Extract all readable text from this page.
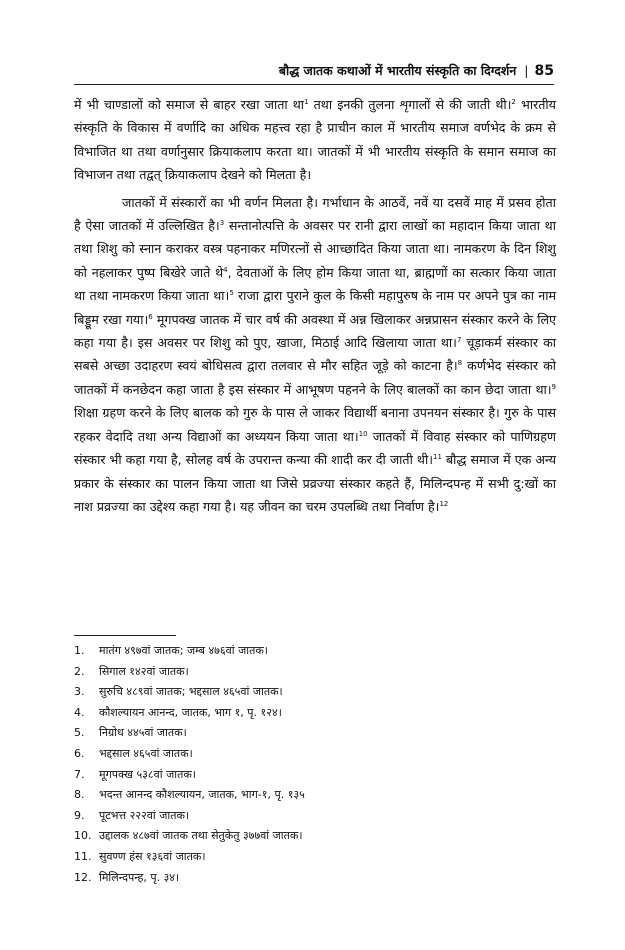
बौद्ध जातक कथाओं में भारतीय संस्कृति का दिग्दर्शन | 85

में भी चाण्डालों को समाज से बाहर रखा जाता था$^1$ तथा इनकी तुलना शृगालों से की जाती थी।$^2$ भारतीय संस्कृति के विकास में वर्णादि का अधिक महत्त्व रहा है प्राचीन काल में भारतीय समाज वर्णभेद के क्रम से विभाजित था तथा वर्णानुसार क्रियाकलाप करता था। जातकों में भी भारतीय संस्कृति के समान समाज का विभाजन तथा तद्वत् क्रियाकलाप देखने को मिलता है।

जातकों में संस्कारों का भी वर्णन मिलता है। गर्भाधान के आठवें, नवें या दसवें माह में प्रसव होता है ऐसा जातकों में उल्लिखित है।$^3$ सन्तानोत्पत्ति के अवसर पर रानी द्वारा लाखों का महादान किया जाता था तथा शिशु को स्नान कराकर वस्त्र पहनाकर मणिरत्नों से आच्छादित किया जाता था। नामकरण के दिन शिशु को नहलाकर पुष्प बिखेरे जाते थे$^4$, देवताओं के लिए होम किया जाता था, ब्राह्मणों का सत्कार किया जाता था तथा नामकरण किया जाता था।$^5$ राजा द्वारा पुराने कुल के किसी महापुरुष के नाम पर अपने पुत्र का नाम बिड्डूम रखा गया।$^6$ मूगपक्ख जातक में चार वर्ष की अवस्था में अन्न खिलाकर अन्नप्रासन संस्कार करने के लिए कहा गया है। इस अवसर पर शिशु को पुए, खाजा, मिठाई आदि खिलाया जाता था।$^7$ चूड़ाकर्म संस्कार का सबसे अच्छा उदाहरण स्वयं बोधिसत्व द्वारा तलवार से मौर सहित जूड़े को काटना है।$^8$ कर्णभेद संस्कार को जातकों में कनछेदन कहा जाता है इस संस्कार में आभूषण पहनने के लिए बालकों का कान छेदा जाता था।$^9$ शिक्षा ग्रहण करने के लिए बालक को गुरु के पास ले जाकर विद्यार्थी बनाना उपनयन संस्कार है। गुरु के पास रहकर वेदादि तथा अन्य विद्याओं का अध्ययन किया जाता था।$^{10}$ जातकों में विवाह संस्कार को पाणिग्रहण संस्कार भी कहा गया है, सोलह वर्ष के उपरान्त कन्या की शादी कर दी जाती थी।$^{11}$ बौद्ध समाज में एक अन्य प्रकार के संस्कार का पालन किया जाता था जिसे प्रव्रज्या संस्कार कहते हैं, मिलिन्दपन्ह में सभी दु:खों का नाश प्रव्रज्या का उद्देश्य कहा गया है। यह जीवन का चरम उपलब्धि तथा निर्वाण है।$^{12}$

1.	मातंग ४९७वां जातक; जम्ब ४७६वां जातक।
2.	सिगाल १४२वां जातक।
3.	सुरुचि ४८९वां जातक; भद्दसाल ४६५वां जातक।
4.	कौशल्यायन आनन्द, जातक, भाग १, पृ. १२४।
5.	निग्रोध ४४५वां जातक।
6.	भद्दसाल ४६५वां जातक।
7.	मूगपक्ख ५३८वां जातक।
8.	भदन्त आनन्द कौशल्यायन, जातक, भाग-१, पृ. १३५
9.	पूटभत्त २२२वां जातक।
10. उद्दालक ४८७वां जातक तथा सेतुकेतु ३७७वां जातक।
11. सुवण्ण हंस १३६वां जातक।
12. मिलिन्दपन्ह, पृ. ३४।
